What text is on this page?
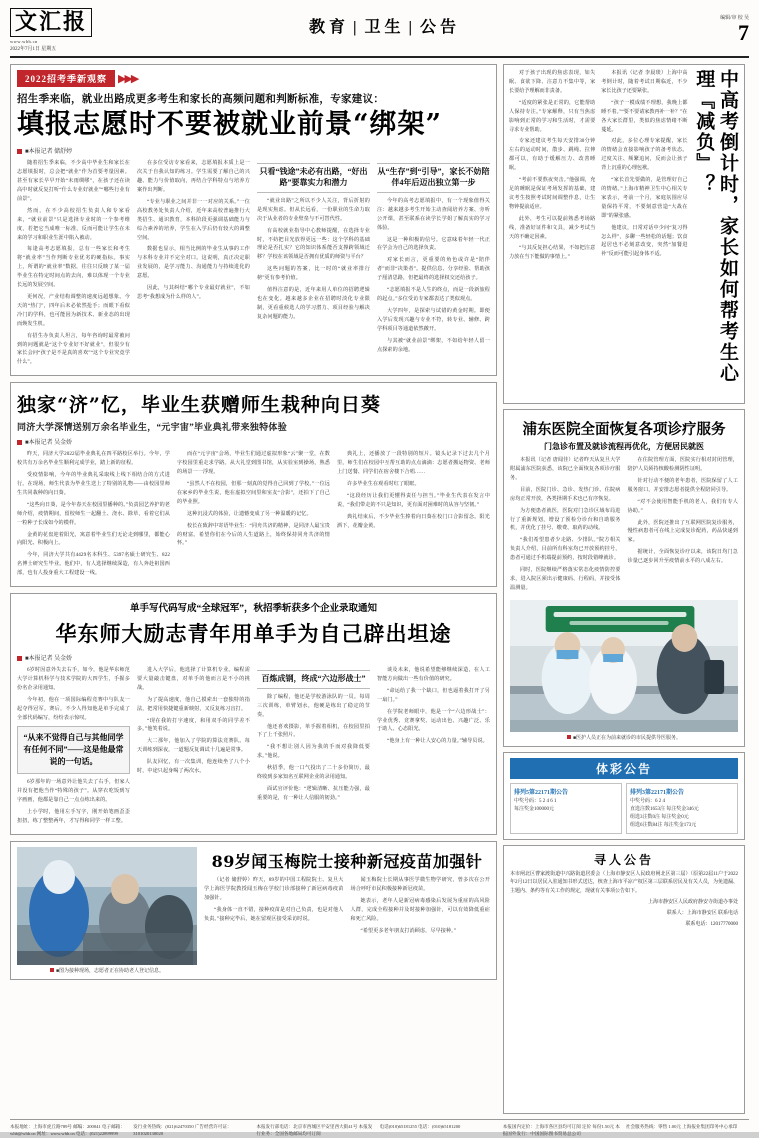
文汇报
www.whb.cn
2022年7月1日 星期五
教育 | 卫生 | 公告
编辑/审 校 吴
7
2022招考季新观察	▶▶▶
招生季来临，就业出路成更多考生和家长的高频问题和判断标准，专家建议：
填报志愿时不要被就业前景“绑架”
■本报记者 储舒婷

随着招生季来临，不少高中毕业生和家长在志愿填报时，总会把“就业”作为首要考量因素。甚至有家长早早开始“未雨绸缪”，在孩子还在读高中时就反复打听“什么专业好就业”“哪些行业有前景”。

然而，在不少高校招生负责人和专家看来，“就业前景”只是选择专业时的一个参考维度，若把它当成唯一标准，反而可能让学生在未来的学习和职业生涯中陷入被动。

每逢高考志愿填报，总有一些家长和考生将“就业率”当作判断专业优劣的硬指标。事实上，所谓的“就业率”数据，往往只反映了某一届毕业生在特定时间点的去向，难以体现一个专业长远的发展空间。

更何况，产业结构调整的速度远超想象。今天的“热门”，四年后未必依然抢手；而眼下看似冷门的学科，也可能因为新技术、新业态的出现而焕发生机。

有招生办负责人坦言，每年咨询时最常被问到的问题就是“这个专业好不好就业”，但很少有家长会问“孩子是不是真的喜欢”“这个专业究竟学什么”。

在多位受访专家看来，志愿填报本质上是一次关于自我认知的练习。学生需要了解自己的兴趣、能力与价值取向，再结合学科特点与培养方案作出判断。

“专业与职业之间并非一一对应的关系。”一位高校教务处负责人介绍，近年来高校普遍推行大类招生、通识教育，本科阶段更强调基础能力与综合素养的培养，学生在入学后仍有较大的调整空间。

数据也显示，相当比例的毕业生从事的工作与本科专业并不完全对口。这说明，真正决定职业发展的，是学习能力、沟通能力与持续进化的意愿。

因此，与其纠结“哪个专业最好就业”，不如思考“我想成为什么样的人”。

只看“钱途”未必有出路，“好出路”要靠实力和潜力

“就业出路”之所以不少人关注，背后折射的是现实焦虑。但从长远看，一份职业的生命力取决于从业者的专业壁垒与不可替代性。

有高校就业指导中心教师提醒，在选择专业时，不妨把目光放得更远一些：这个学科的基础理论是否扎实？它的知识体系能否支撑跨领域迁移？学校在该领域是否拥有优质的师资与平台？

这些问题的答案，比一时的“就业率排行榜”更有参考价值。

值得注意的是，近年来用人单位的招聘逻辑也在变化。越来越多企业在招聘时淡化专业限制，更看重候选人的学习潜力、项目经验与解决复杂问题的能力。

从“生存”到“引导”，家长不妨陪伴4年后迈出独立第一步

今年的高考志愿填报中，有一个现象值得关注：越来越多考生开始主动查阅培养方案、旁听公开课，甚至联系在读学长学姐了解真实的学习体验。

这是一种积极的信号。它意味着年轻一代正在学会为自己的选择负责。

对家长而言，更重要的角色或许是“陪伴者”而非“决策者”。提供信息、分享经验、帮助孩子厘清思路，但把最终的选择权交还给孩子。

“志愿填报不是人生的终点，而是一段新旅程的起点。”多位受访专家都表达了类似观点。

大学四年，是探索与试错的黄金时期。即便入学后发现兴趣与专业不符，转专业、辅修、跨学科项目等通道依然敞开。

与其被“就业前景”绑架，不如给年轻人留一点探索的余地。

独家“济”忆，毕业生获赠师生栽种向日葵
同济大学深情送别万余名毕业生，“元宇宙”毕业典礼带来独特体验
■本报记者 吴金娇

昨天，同济大学2022届毕业典礼在四平路校区举行。今年，学校共有万余名毕业生顺利完成学业，踏上新的征程。

受疫情影响，今年的毕业典礼采取线上线下相结合的方式进行。在现场，师生代表为毕业生送上了特别的礼物——由校园里师生共同栽种的向日葵。

“这些向日葵，是今年春天在校园里播种的。”负责园艺养护的老师介绍，疫情期间，留校师生一起翻土、浇水、除草，看着它们从一粒种子长成如今的模样。

金黄的花盘迎着阳光，寓意着毕业生们无论走到哪里，都能心向阳光、积极向上。

今年，同济大学共有4429名本科生、5397名硕士研究生、822名博士研究生毕业。他们中，有人选择继续深造，有人奔赴祖国西部，也有人投身重大工程建设一线。

而在“元宇宙”会场，毕业生们通过虚拟形象“云”聚一堂，在数字校园里重走求学路。从大礼堂到图书馆，从实验室到操场，熟悉的场景一一浮现。

“虽然人不在校园，但那一刻真的觉得自己回到了学校。”一位远在家乡的毕业生说，他在虚拟空间里和室友“合影”，还拍下了自己的毕业照。

这种沉浸式的体验，让遗憾变成了另一种温暖的记忆。

校长在致辞中寄语毕业生：“同舟共济的精神，是同济人最宝贵的财富。希望你们在今后的人生道路上，始终保持同舟共济的情怀。”

典礼上，还播放了一段特别的短片。镜头记录下过去几个月里，师生们在校园中互帮互助的点点滴滴：志愿者搬运物资、老师上门送餐、同学们在宿舍楼下合唱……

许多毕业生在观看时红了眼眶。

“这段经历让我们更懂得责任与担当。”毕业生代表在发言中说，“我们带走的不只是知识，更有面对困难时的从容与坚韧。”

典礼结束后，不少毕业生捧着向日葵在校门口合影留念。阳光洒下，花瓣金黄。

单手写代码写成“全球冠军”，秋招季斩获多个企业录取通知
华东师大励志青年用单手为自己辟出坦途
■本报记者 吴金娇

6岁时因意外失去右手，如今，他是华东师范大学计算机科学与技术学院的大四学生，手握多份名企录用通知。

今年初，他在一项国际编程竞赛中与队友一起夺得冠军。赛后，不少人得知他是单手完成了全部代码编写，纷纷表示惊叹。

“从来不觉得自己与其他同学有任何不同”——这是他最常说的一句话。

6岁那年的一场意外让他失去了右手，但家人并没有把他当作“特殊的孩子”。从穿衣吃饭到写字画画，他都是靠自己一点点练出来的。

上小学时，他用左手写字，刚开始笔画歪歪扭扭，练了整整两年，才写得和同学一样工整。

进入大学后，他选择了计算机专业。编程需要大量敲击键盘，对单手的他而言是不小的挑战。

为了提高速度，他自己摸索出一套独特的指法，把常用快捷键重新映射，又反复练习盲打。

“现在我的打字速度，和用双手的同学差不多。”他笑着说。

大二那年，他加入了学院的算法竞赛队。每天训练到深夜，一道题反复调试十几遍是常事。

队友回忆，有一次集训，他连续坐了八个小时，中途只起身喝了两次水。

百炼成钢，终成“六边形战士”

除了编程，他还是学校游泳队的一员。每周三次训练，单臂划水，他硬是练出了稳定的节奏。

他还喜欢摄影，单手握着相机，在校园里拍下了上千张照片。

“我不想让别人因为我的手而对我降低要求。”他说。

秋招季，他一口气投出了二十多份简历，最终收到多家知名互联网企业的录用通知。

面试官评价他：“逻辑清晰、抗压能力强，最重要的是，有一种让人信服的韧劲。”

谈及未来，他说希望能够继续深造，在人工智能方向做出一些有价值的研究。

“命运给了我一个缺口，但也逼着我打开了另一扇门。”

在学院老师眼中，他是一个“六边形战士”：学业优秀、竞赛拿奖、运动出色、兴趣广泛、乐于助人、心态阳光。

“他身上有一种让人安心的力量。”辅导员说。

■图为接种现场，志愿者正在协助老人登记信息。
89岁闻玉梅院士接种新冠疫苗加强针

（记者 储舒婷）昨天，89岁的中国工程院院士、复旦大学上海医学院教授闻玉梅在学校门诊部接种了新冠病毒疫苗加强针。

“我身体一直不错，接种疫苗是对自己负责，也是对他人负责。”接种完毕后，她在留观区接受采访时说。

闻玉梅院士长期从事医学微生物学研究，曾多次在公开场合呼吁市民积极接种新冠疫苗。

她表示，老年人是新冠病毒感染后发展为重症的高风险人群，完成全程接种并及时接种加强针，可以有效降低重症和死亡风险。

“希望更多老年朋友打消顾虑，尽早接种。”

本报讯（记者 李晨琰）上海中高考倒计时，随着考试日期临近，不少家长比孩子还要紧张。

“孩子一模成绩不理想，我晚上都睡不着。”“要不要请家教再补一补？”在各大家长群里，类似的焦虑情绪不断蔓延。

对此，多位心理专家提醒，家长的情绪会直接影响孩子的备考状态。过度关注、频繁追问，反而会让孩子背上沉重的心理包袱。

“家长首先要做的，是管理好自己的情绪。”上海市精神卫生中心相关专家表示，考前一个月，家庭氛围应尽量保持平常，不要刻意营造“大战在即”的紧张感。

他建议，日常对话中少问“复习得怎么样”，多聊一些轻松的话题；饮食起居也不必刻意改变，突然“加餐进补”反而可能引起身体不适。

对于孩子出现的焦虑表现，如失眠、食欲下降、注意力不集中等，家长要给予理解而非责备。

“适度的紧张是正常的，它能帮助人保持专注。”专家解释，只有当焦虑影响到正常的学习和生活时，才需要寻求专业帮助。

专家还建议考生每天安排30分钟左右的运动时间，散步、跳绳、拉伸都可以，有助于缓解压力、改善睡眠。

“考前不要熬夜突击。”他强调，充足的睡眠是保证考场发挥的基础，建议考生按照考试时间调整作息，让生物钟提前适应。

此外，考生可以提前熟悉考场路线，准备好证件和文具，减少考试当天的不确定因素。

“与其反复担心结果，不如把注意力放在当下能做的事情上。”	中高考倒计时，家长如何帮考生心理『减负』？
浦东医院全面恢复各项诊疗服务
门急诊布置及就诊流程再优化，方便居民就医

本报讯（记者 唐闻佳）记者昨天从复旦大学附属浦东医院获悉，该院已全面恢复各项诊疗服务。

目前，医院门诊、急诊、发热门诊、住院病房均正常开放，各类择期手术也已有序恢复。

为方便患者就医，医院对门急诊区域布局进行了重新规划，增设了预检分诊台和自助服务机，并优化了挂号、缴费、取药的动线。

“我们希望患者少走路、少排队。”院方相关负责人介绍，目前所有科室均已开放预约挂号，患者可通过手机端提前预约，按时段错峰就诊。

同时，医院继续严格落实常态化疫情防控要求，进入院区须出示健康码、行程码，并接受体温测量。

在住院管理方面，医院实行相对封闭管理，陪护人员须持核酸检测阴性证明。

针对行动不便的老年患者，医院保留了人工服务窗口，并安排志愿者提供全程陪同引导。

“对不会使用智能手机的老人，我们有专人协助。”

此外，医院还推出了互联网医院复诊服务，慢性病患者可在线上完成复诊配药，药品快递到家。

据统计，全面恢复诊疗以来，该院日均门急诊量已逐步回升至疫情前水平的八成左右。

■医护人员正在为前来就诊的市民提供导医服务。
体彩公告
排列5第22171期公告
中奖号码：5 2 4 6 1
每注奖金100000元
排列3第22171期公告
中奖号码：6 2 4
直选注数1653注 每注奖金346元
组选3注数0注 每注奖金0元
组选6注数84注 每注奖金173元
寻人公告
本市闸北区曹家渡街道中兴路街道居委会（上海市静安区人民政府闸北区第三届）（原第22届11户于2022年2月12日以居民入驻通知书形式送达，核查上海市平凉产权区第三层联系居民及有关人员，为免遗漏、主题内、条约等有关工作的规定，现就有关事项公告如下。
上海市静安区人民政府静安寺街道办事处
联系人：上海市静安区 联系电话
联系电话：12017770000
本报地址：上海市虎丘路789号 邮编：200041 电子邮箱：whb@whb.cn 网址：www.whb.cn 电话：(021)22899999
发行业务热线：(021)62470350 广告经营许可证：3101020130020
本报发行部电话：北京市西城区平安里西大街41号 本报发行业务：全国各地邮局均可订阅
电话(010)65181255 电话：(010)65181200	本报国内定价：上海市各区县均可订阅 定价 每份1.50元 本报国外发行：中国国际图书贸易总公司
社会服务热线：零售 1.00元 上海报业集团印务中心承印
